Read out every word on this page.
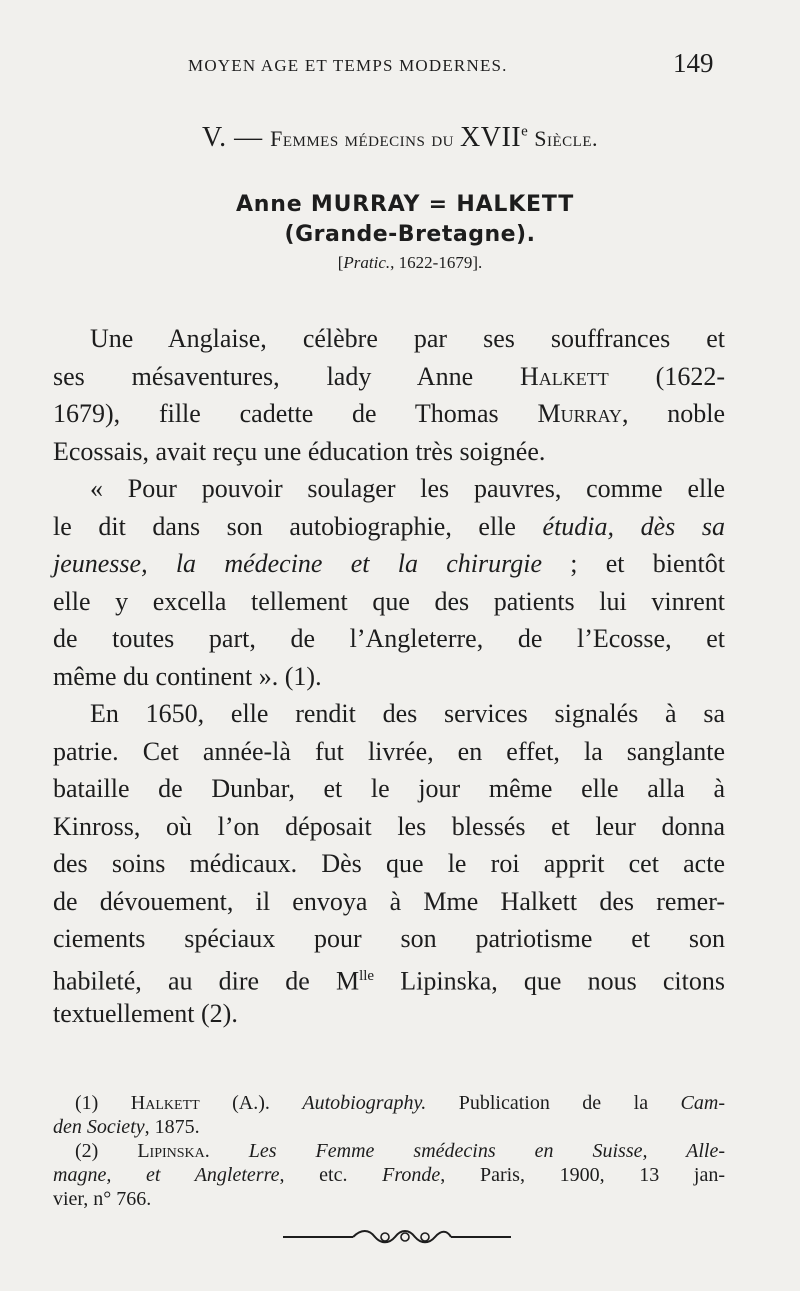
MOYEN AGE ET TEMPS MODERNES.	149
V. — Femmes médecins du XVIIe Siècle.
Anne MURRAY = HALKETT
(Grande-Bretagne).
[Pratic., 1622-1679].
Une Anglaise, célèbre par ses souffrances et
ses mésaventures, lady Anne Halkett (1622-
1679), fille cadette de Thomas Murray, noble
Ecossais, avait reçu une éducation très soignée.
« Pour pouvoir soulager les pauvres, comme elle
le dit dans son autobiographie, elle étudia, dès sa
jeunesse, la médecine et la chirurgie ; et bientôt
elle y excella tellement que des patients lui vinrent
de toutes part, de l’Angleterre, de l’Ecosse, et
même du continent ». (1).
En 1650, elle rendit des services signalés à sa
patrie. Cet année-là fut livrée, en effet, la sanglante
bataille de Dunbar, et le jour même elle alla à
Kinross, où l’on déposait les blessés et leur donna
des soins médicaux. Dès que le roi apprit cet acte
de dévouement, il envoya à Mme Halkett des remer-
ciements spéciaux pour son patriotisme et son
habileté, au dire de $M^{lle}$ Lipinska, que nous citons
textuellement (2).
(1) Halkett (A.). Autobiography. Publication de la Cam-
den Society, 1875.
(2) Lipinska. Les Femme smédecins en Suisse, Alle-
magne, et Angleterre, etc. Fronde, Paris, 1900, 13 jan-
vier, n° 766.
